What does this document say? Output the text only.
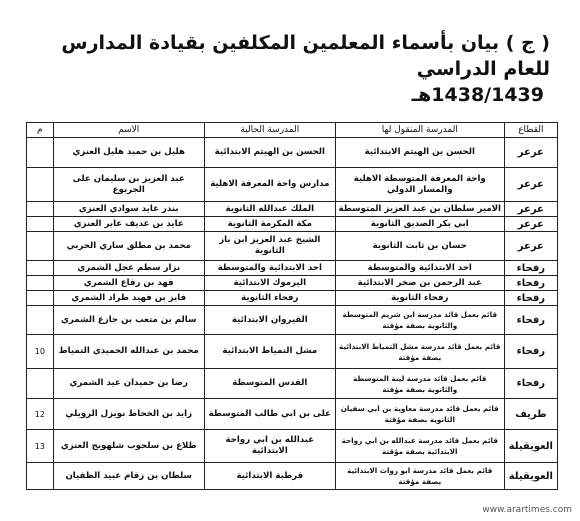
( ج ) بيان بأسماء المعلمين المكلفين بقيادة المدارس للعام الدراسي
1438/1439هـ
القطاع	المدرسة المنقول لها	المدرسة الحالية	الاسم	م
عرعر	الحسن بن الهيثم الابتدائية	الحسن بن الهيثم الابتدائية	هليل بن حميد هليل العنزي	
عرعر	واحة المعرفة المتوسطة الاهلية والمسار الدولي	مدارس واحة المعرفة الاهلية	عبد العزيز بن سليمان على الجربوع	
عرعر	الامير سلطان بن عبد العزيز المتوسطة	الملك عبدالله الثانوية	بندر عايد سوادي العنزي	
عرعر	ابي بكر الصديق الثانوية	مكة المكرمة الثانوية	عايد بن غديف عابر العنزي	
عرعر	حسان بن ثابت الثانوية	الشيخ عبد العزيز ابن باز الثانوية	محمد بن مطلق ساري الحربي	
رفحاء	احد الابتدائية والمتوسطة	احد الابتدائية والمتوسطة	نزار سطم عجل الشمري	
رفحاء	عبد الرحمن بن صخر الابتدائية	اليرموك الابتدائية	فهد بن رفاع الشمري	
رفحاء	رفحاء الثانوية	رفحاء الثانوية	فايز بن فهيد طراد الشمري	
رفحاء	قائم بعمل قائد مدرسة ابن شريم المتوسطة والثانوية بصفة مؤقتة	القيروان الابتدائية	سالم بن متعب بن جازع الشمري	
رفحاء	قائم بعمل قائد مدرسة مشل التمياط الابتدائية بصفة مؤقتة	مشل التمياط الابتدائية	محمد بن عبدالله الحميدي التمياط	10
رفحاء	قائم بعمل قائد مدرسة لينة المتوسطة والثانوية بصفة مؤقتة	القدس المتوسطة	رضا بن حميدان عيد الشمري	
طريف	قائم بعمل قائد مدرسة معاوية بن ابي سفيان الثانوية بصفة مؤقتة	على بن ابي طالب المتوسطة	زايد بن الخحاط نويزل الرويلي	12
العويقيلة	قائم بعمل قائد مدرسة عبدالله بن ابي رواحة الابتدائية بصفة مؤقتة	عبدالله بن ابي رواحة الابتدائية	طلاع بن سلحوب شلهويج العنزي	13
العويقيلة	قائم بعمل قائد مدرسة ابو رواث الابتدائية بصفة مؤقتة	قرطبة الابتدائية	سلطان بن زقام عبيد الظفيان	
www.arartimes.com
